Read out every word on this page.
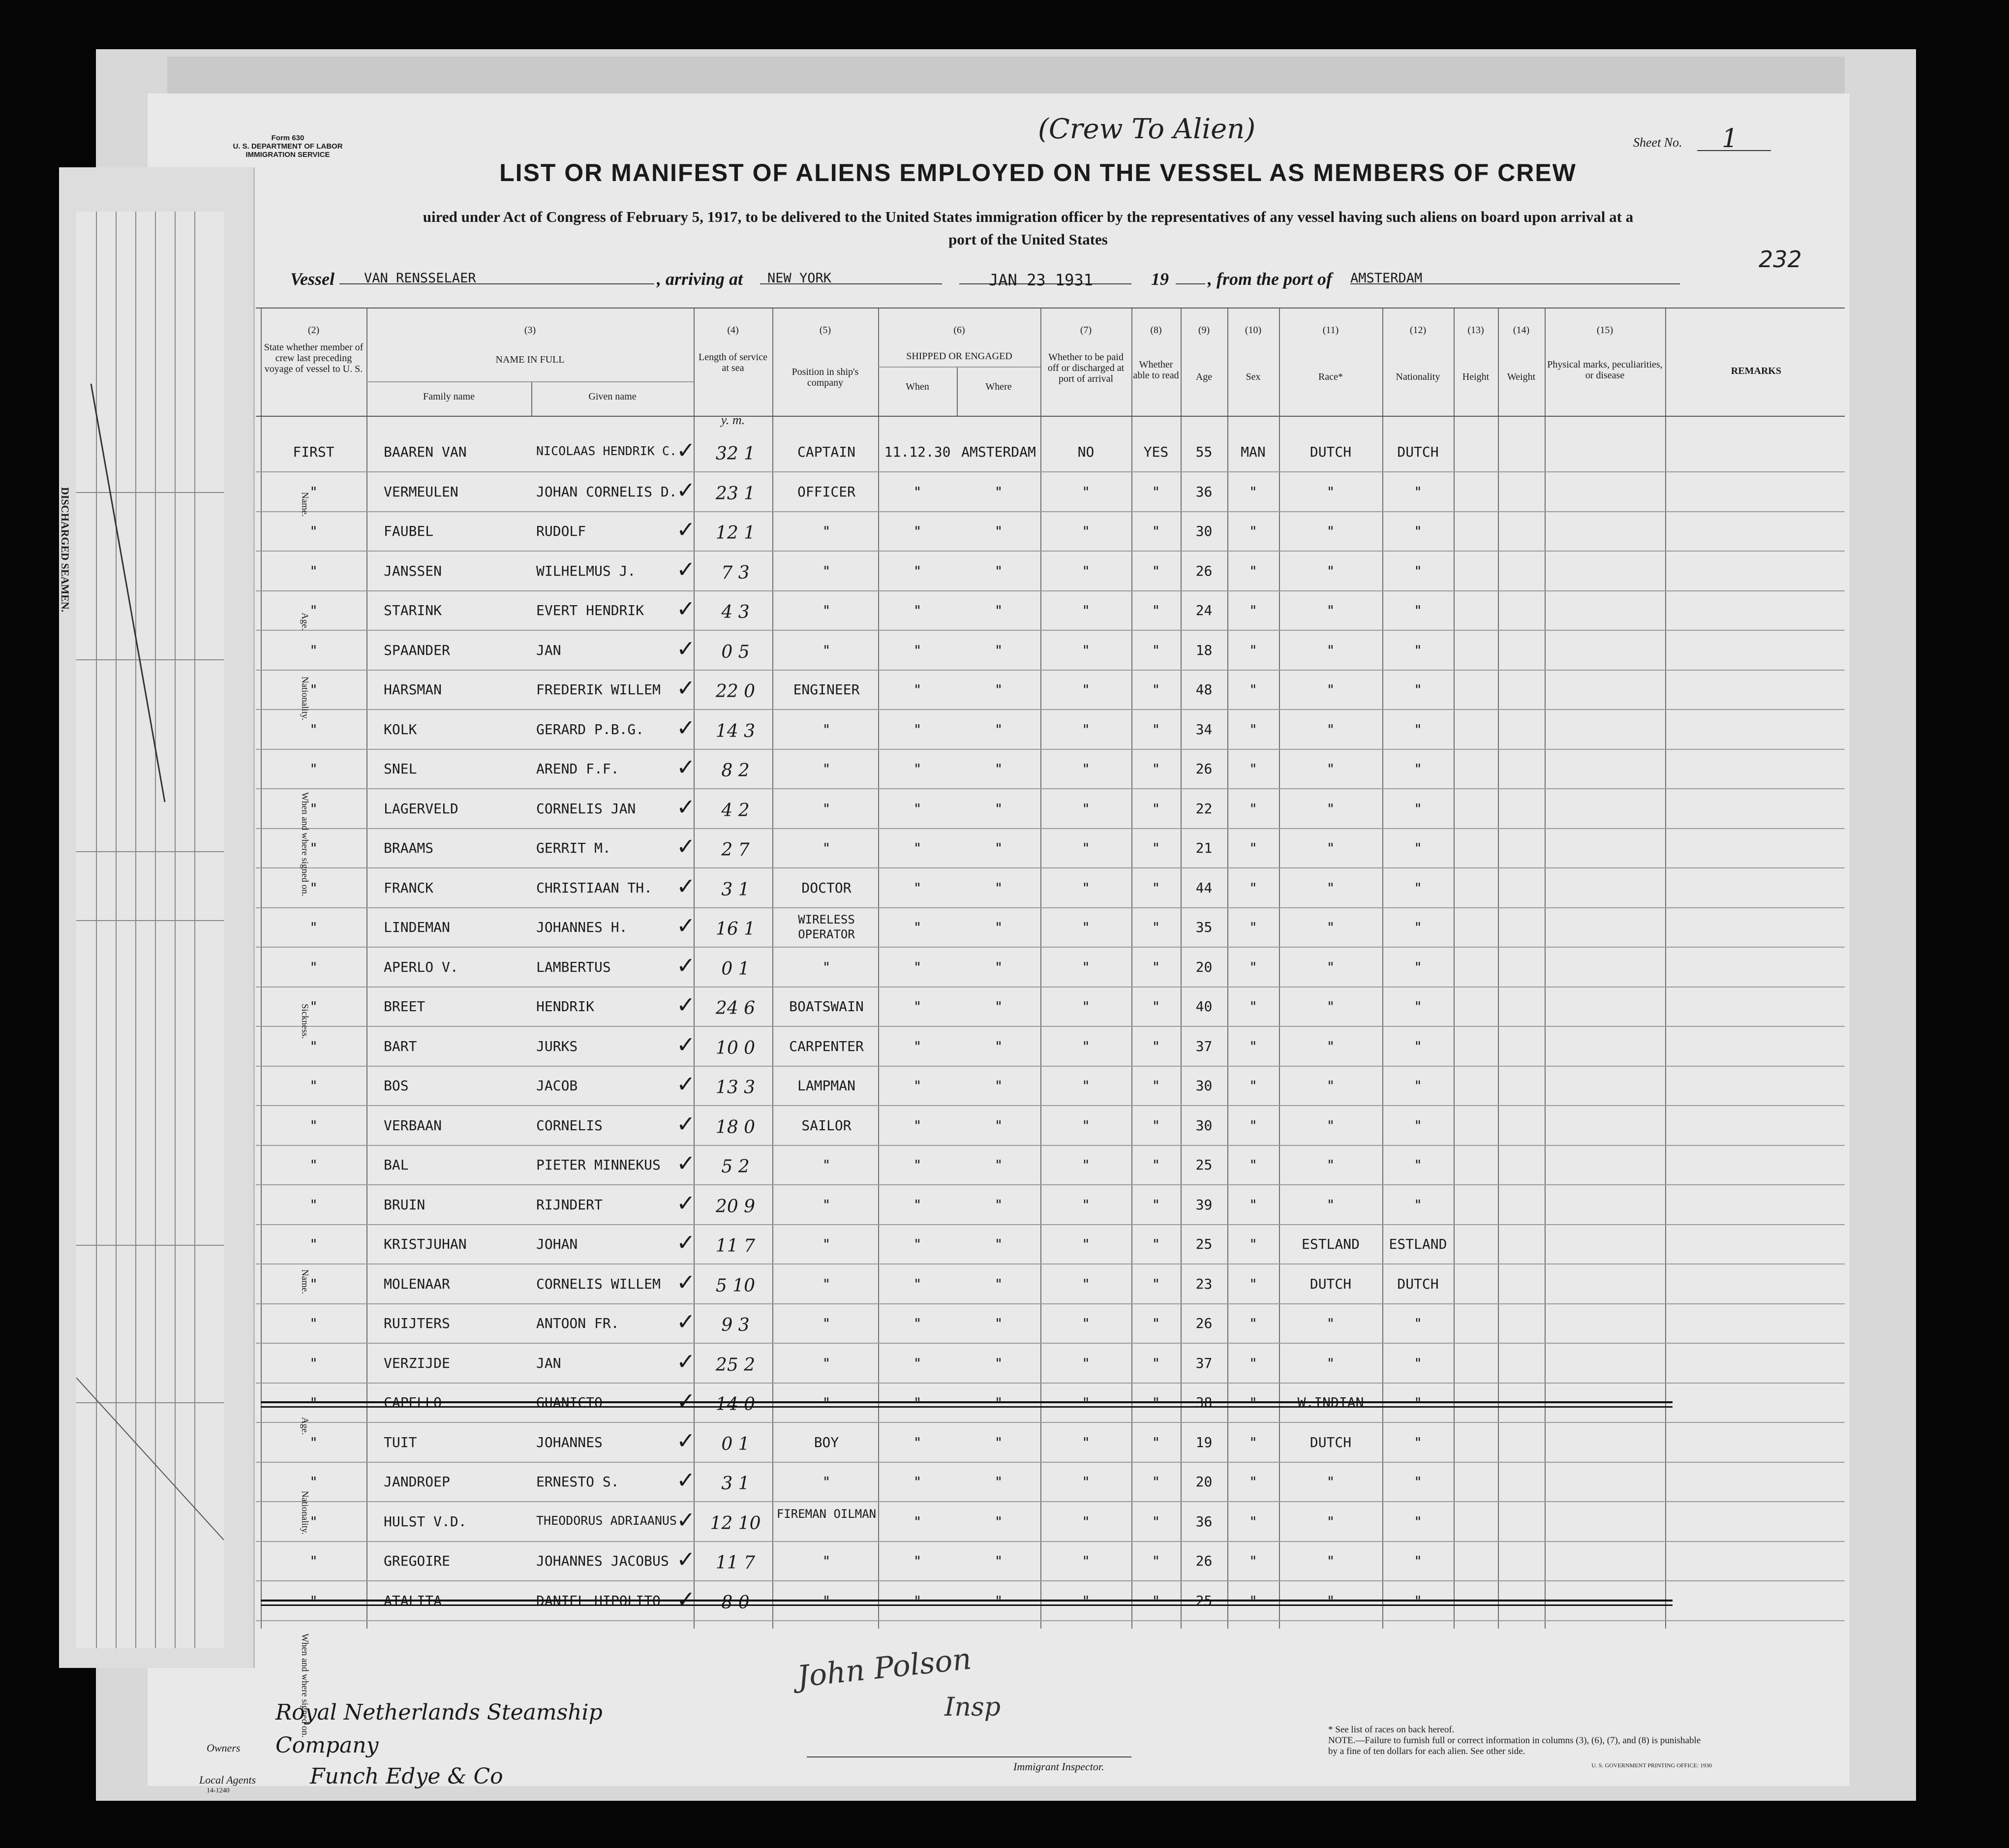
Form 630
U. S. DEPARTMENT OF LABOR
IMMIGRATION SERVICE
(Crew To Alien)	Sheet No. 1
LIST OR MANIFEST OF ALIENS EMPLOYED ON THE VESSEL AS MEMBERS OF CREW
uired under Act of Congress of February 5, 1917, to be delivered to the United States immigration officer by the representatives of any vessel having such aliens on board upon arrival at a
port of the United States
232
Vessel VAN RENSSELAER	, arriving at NEW YORK	JAN 23 1931	19 , from the port of AMSTERDAM
(2)	(3)	(4)	(5)	(6)	(7)	(8)	(9)	(10)	(11)	(12)	(13)	(14)	(15)
State whether member of crew last preceding voyage of vessel to U. S.
NAME IN FULL
Family name	Given name
Length of service at sea
y. m.
Position in ship's company
SHIPPED OR ENGAGED
When	Where
Whether to be paid off or discharged at port of arrival
Whether able to read	Age	Sex	Race*	Nationality	Height	Weight
Physical marks, peculiarities, or disease	REMARKS
FIRST	BAAREN VAN	NICOLAAS HENDRIK C.	32 1	CAPTAIN	11.12.30 AMSTERDAM	NO	YES	55	MAN	DUTCH	DUTCH
✓
"	VERMEULEN	JOHAN CORNELIS D.	23 1	OFFICER	"	"	"	"	36	"	"	"
✓
"	FAUBEL	RUDOLF	12 1	"	"	"	"	"	30	"	"	"
✓
"	JANSSEN	WILHELMUS J.	7 3	"	"	"	"	"	26	"	"	"
✓
"	STARINK	EVERT HENDRIK	4 3	"	"	"	"	"	24	"	"	"
✓
"	SPAANDER	JAN	0 5	"	"	"	"	"	18	"	"	"
✓
"	HARSMAN	FREDERIK WILLEM	22 0	ENGINEER	"	"	"	"	48	"	"	"
✓
"	KOLK	GERARD P.B.G.	14 3	"	"	"	"	"	34	"	"	"
✓
"	SNEL	AREND F.F.	8 2	"	"	"	"	"	26	"	"	"
✓
"	LAGERVELD	CORNELIS JAN	4 2	"	"	"	"	"	22	"	"	"
✓
"	BRAAMS	GERRIT M.	2 7	"	"	"	"	"	21	"	"	"
✓
"	FRANCK	CHRISTIAAN TH.	3 1	DOCTOR	"	"	"	"	44	"	"	"
✓
"	LINDEMAN	JOHANNES H.	16 1	WIRELESS OPERATOR	"	"	"	"	35	"	"	"
✓
"	APERLO V.	LAMBERTUS	0 1	"	"	"	"	"	20	"	"	"
✓
"	BREET	HENDRIK	24 6	BOATSWAIN	"	"	"	"	40	"	"	"
✓
"	BART	JURKS	10 0	CARPENTER	"	"	"	"	37	"	"	"
✓
"	BOS	JACOB	13 3	LAMPMAN	"	"	"	"	30	"	"	"
✓
"	VERBAAN	CORNELIS	18 0	SAILOR	"	"	"	"	30	"	"	"
✓
"	BAL	PIETER MINNEKUS	5 2	"	"	"	"	"	25	"	"	"
✓
"	BRUIN	RIJNDERT	20 9	"	"	"	"	"	39	"	"	"
✓
"	KRISTJUHAN	JOHAN	11 7	"	"	"	"	"	25	"	ESTLAND	ESTLAND
✓
"	MOLENAAR	CORNELIS WILLEM	5 10	"	"	"	"	"	23	"	DUTCH	DUTCH
✓
"	RUIJTERS	ANTOON FR.	9 3	"	"	"	"	"	26	"	"	"
✓
"	VERZIJDE	JAN	25 2	"	"	"	"	"	37	"	"	"
✓
"	CAPELLO	GUANICTO	14 0	"	"	"	"	"	38	"	W.INDIAN	"
✓
"	TUIT	JOHANNES	0 1	BOY	"	"	"	"	19	"	DUTCH	"
✓
"	JANDROEP	ERNESTO S.	3 1	"	"	"	"	"	20	"	"	"
✓
"	HULST V.D.	THEODORUS ADRIAANUS	12 10	FIREMAN OILMAN	"	"	"	"	36	"	"	"
✓
"	GREGOIRE	JOHANNES JACOBUS	11 7	"	"	"	"	"	26	"	"	"
✓
"	ATALITA	DANIEL HIPOLITO	8 0	"	"	"	"	"	25	"	"	"
✓
Name.
Age.
Nationality.
When and where signed on.
Sickness.
Name.
Age.
Nationality.
When and where signed on.
DISCHARGED SEAMEN.
Royal Netherlands Steamship
Company
Owners
Local Agents Funch Edye & Co
14-1240
John Polson
Insp
Immigrant Inspector.
* See list of races on back hereof.
NOTE.—Failure to furnish full or correct information in columns (3), (6), (7), and (8) is punishable by a fine of ten dollars for each alien. See other side.
U. S. GOVERNMENT PRINTING OFFICE: 1930
